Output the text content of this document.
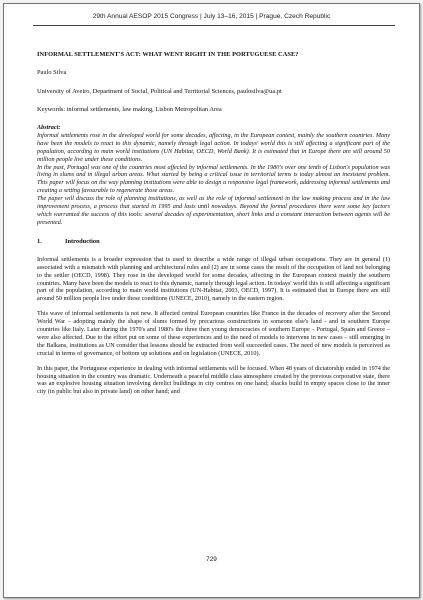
29th Annual AESOP 2015 Congress | July 13–16, 2015 | Prague, Czech Republic
INFORMAL SETTLEMENT'S ACT: WHAT WENT RIGHT IN THE PORTUGUESE CASE?
Paulo Silva
University of Aveiro, Department of Social, Political and Territorial Sciences, paulosilva@ua.pt
Keywords: informal settlements, law making, Lisbon Metropolitan Area
Abstract:

Informal settlements rose in the developed world for some decades, affecting, in the European context, mainly the southern countries. Many have been the models to react to this dynamic, namely through legal action. In todays' world this is still affecting a significant part of the population, according to main world institutions (UN Habitat, OECD, World Bank). It is estimated that in Europe there are still around 50 million people live under these conditions.

In the past, Portugal was one of the countries most affected by informal settlements. In the 1980's over one tenth of Lisbon's population was living in slums and in illegal urban areas. What started by being a critical issue in territorial terms is today almost an inexistent problem. This paper will focus on the way planning institutions were able to design a responsive legal framework, addressing informal settlements and creating a setting favourable to regenerate those areas.

The paper will discuss the role of planning institutions, as well as the role of informal settlement in the law making process and in the law improvement process, a process that started in 1995 and lasts until nowadays. Beyond the formal procedures there were some key factors which warranted the success of this tools: several decades of experimentation, short links and a constant interaction between agents will be presented.

1.	Introduction

Informal settlements is a broader expression that is used to describe a wide range of illegal urban occupations. They are in general (1) associated with a mismatch with planning and architectural rules and (2) are in some cases the result of the occupation of land not belonging to the settler (OECD, 1998). They rose in the developed world for some decades, affecting in the European context mainly the southern countries. Many have been the models to react to this dynamic, namely through legal action. In todays' world this is still affecting a significant part of the population, according to main world institutions (UN-Habitat, 2003, OECD, 1997). It is estimated that in Europe there are still around 50 million people live under these conditions (UNECE, 2010), namely in the eastern region.

This wave of informal settlements is not new. It affected central European countries like France in the decades of recovery after the Second World War – adopting mainly the shape of slums formed by precarious constructions in someone else's land - and in southern Europe countries like Italy. Later during the 1970's and 1980's the three then young democracies of southern Europe – Portugal, Spain and Greece – were also affected. Due to the effort put on some of these experiences and to the need of models to intervene in new cases – still emerging in the Balkans, institutions as UN consider that lessons should be extracted from well succeeded cases. The need of new models is perceived as crucial in terms of governance, of bottom up solutions and on legislation (UNECE, 2010).

In this paper, the Portuguese experience in dealing with informal settlements will be focused. When 48 years of dictatorship ended in 1974 the housing situation in the country was dramatic. Underneath a peaceful middle class atmosphere created by the previous corporative state, there was an explosive housing situation involving derelict buildings in city centres on one hand; shacks build in empty spaces close to the inner city (in public but also in private land) on other hand; and

729
